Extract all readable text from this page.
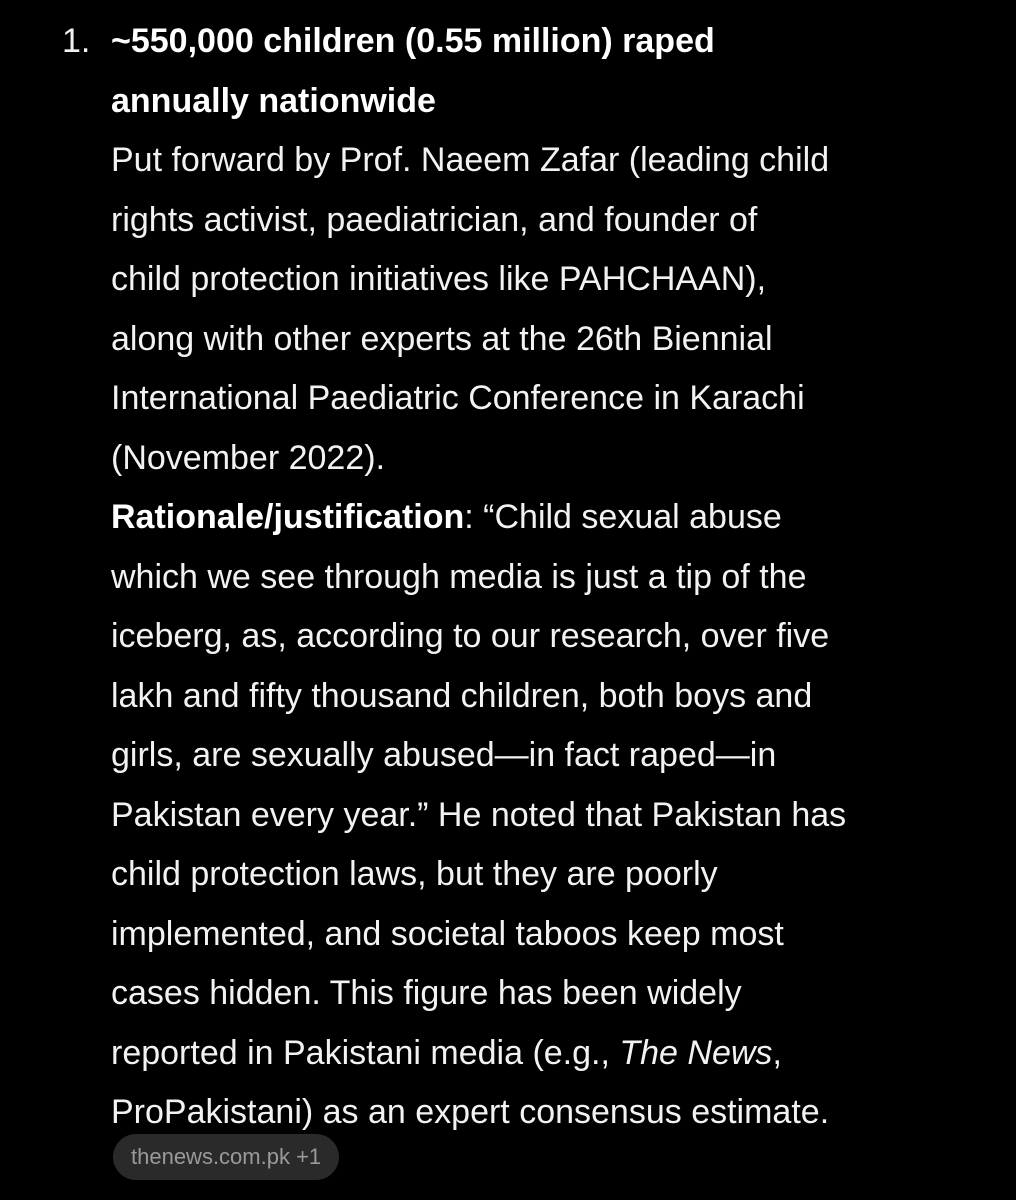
1. ~550,000 children (0.55 million) raped
annually nationwide

Put forward by Prof. Naeem Zafar (leading child
rights activist, paediatrician, and founder of
child protection initiatives like PAHCHAAN),
along with other experts at the 26th Biennial
International Paediatric Conference in Karachi
(November 2022).

Rationale/justification: “Child sexual abuse
which we see through media is just a tip of the
iceberg, as, according to our research, over five
lakh and fifty thousand children, both boys and
girls, are sexually abused—in fact raped—in
Pakistan every year.” He noted that Pakistan has
child protection laws, but they are poorly
implemented, and societal taboos keep most
cases hidden. This figure has been widely
reported in Pakistani media (e.g., The News,
ProPakistani) as an expert consensus estimate.

thenews.com.pk +1
